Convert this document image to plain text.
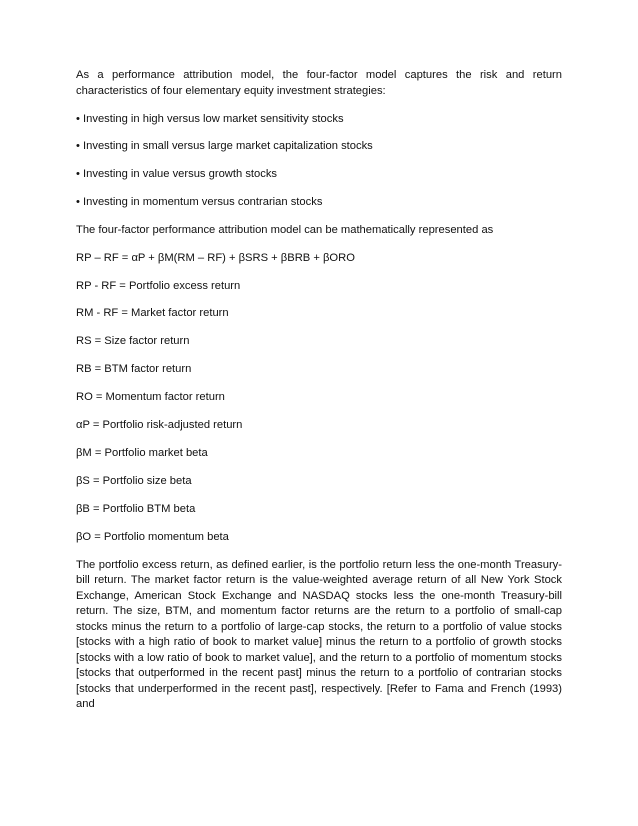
As a performance attribution model, the four-factor model captures the risk and return characteristics of four elementary equity investment strategies:

• Investing in high versus low market sensitivity stocks
• Investing in small versus large market capitalization stocks
• Investing in value versus growth stocks
• Investing in momentum versus contrarian stocks

The four-factor performance attribution model can be mathematically represented as

RP – RF = αP + βM(RM – RF) + βSRS + βBRB + βORO

RP - RF = Portfolio excess return
RM - RF = Market factor return
RS = Size factor return
RB = BTM factor return
RO = Momentum factor return
αP = Portfolio risk-adjusted return
βM = Portfolio market beta
βS = Portfolio size beta
βB = Portfolio BTM beta
βO = Portfolio momentum beta

The portfolio excess return, as defined earlier, is the portfolio return less the one-month Treasury-bill return. The market factor return is the value-weighted average return of all New York Stock Exchange, American Stock Exchange and NASDAQ stocks less the one-month Treasury-bill return. The size, BTM, and momentum factor returns are the return to a portfolio of small-cap stocks minus the return to a portfolio of large-cap stocks, the return to a portfolio of value stocks [stocks with a high ratio of book to market value] minus the return to a portfolio of growth stocks [stocks with a low ratio of book to market value], and the return to a portfolio of momentum stocks [stocks that outperformed in the recent past] minus the return to a portfolio of contrarian stocks [stocks that underperformed in the recent past], respectively. [Refer to Fama and French (1993) and
